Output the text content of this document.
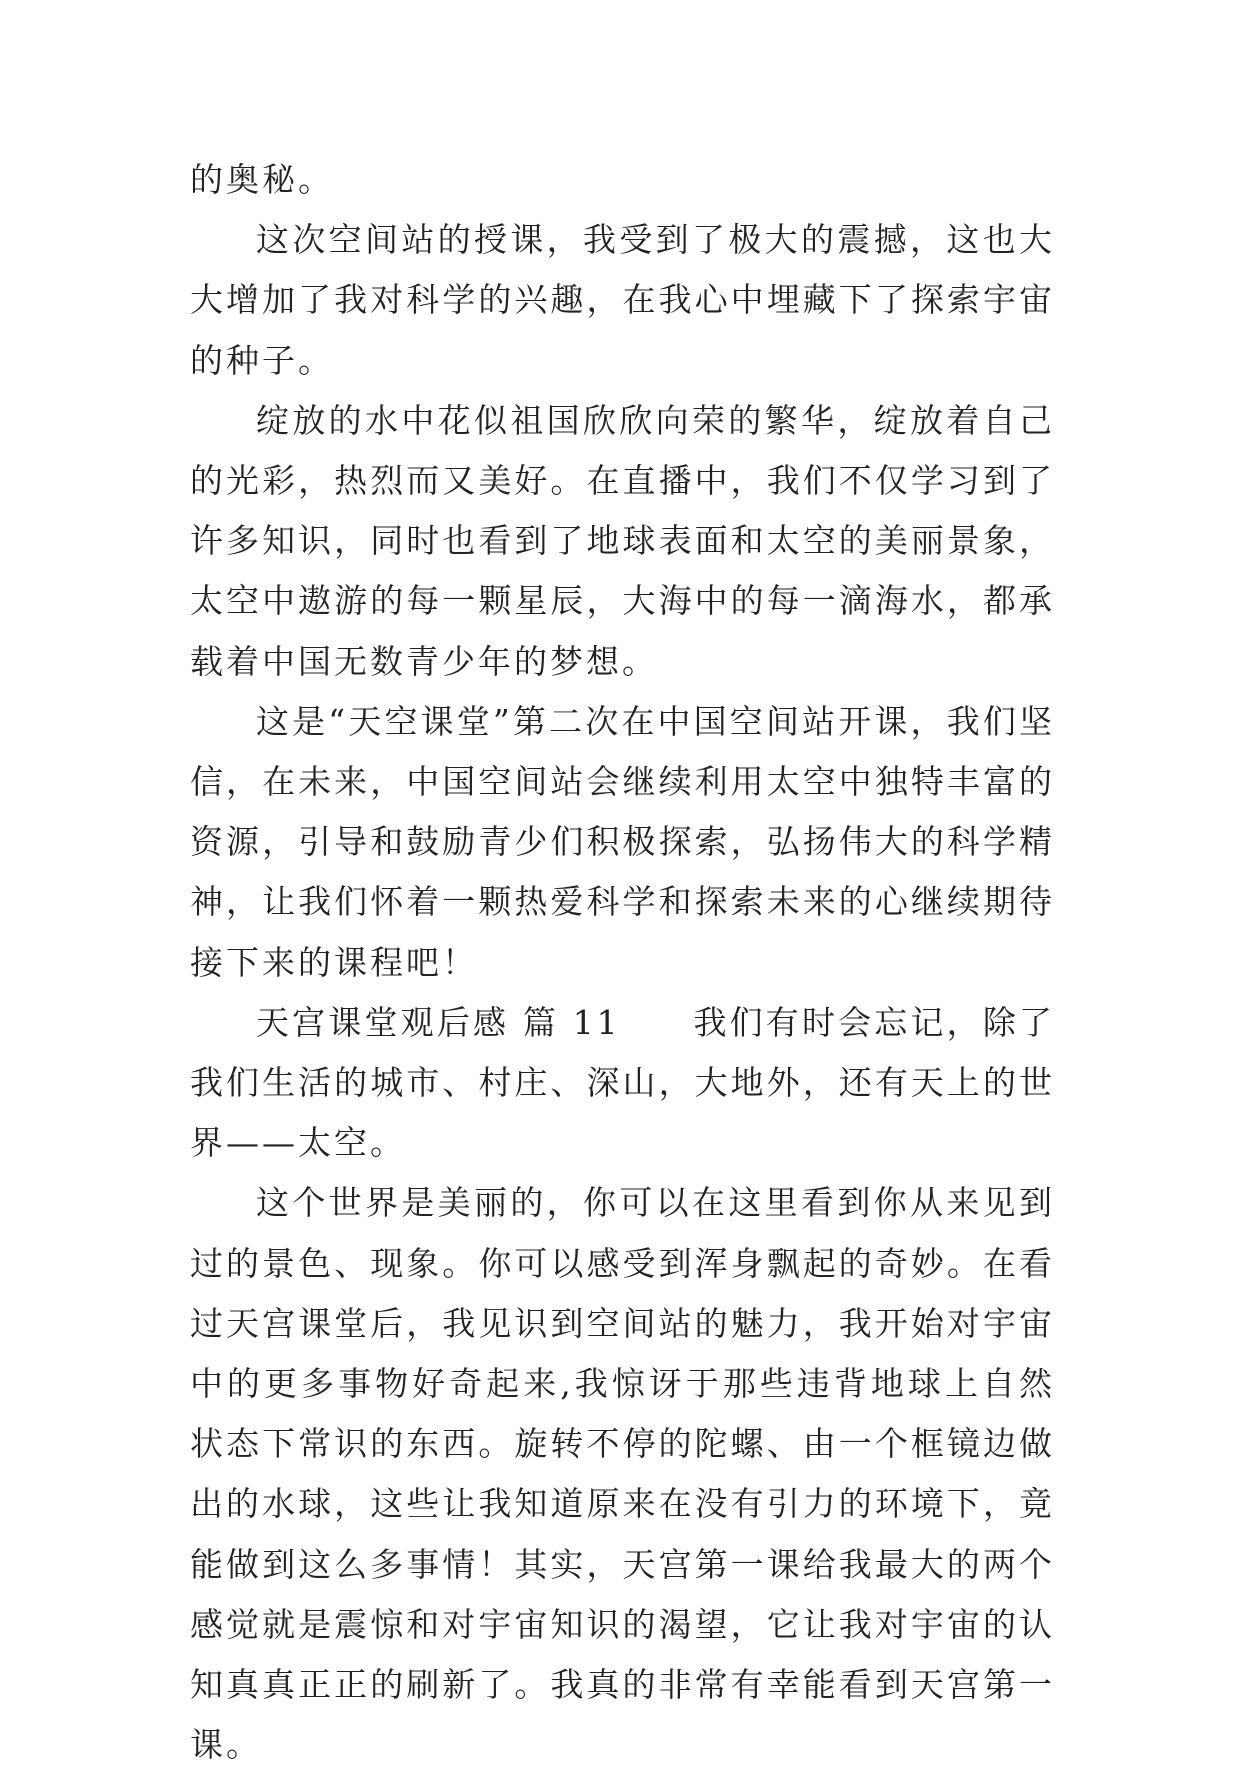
的奥秘。

这次空间站的授课，我受到了极大的震撼，这也大大增加了我对科学的兴趣，在我心中埋藏下了探索宇宙的种子。

绽放的水中花似祖国欣欣向荣的繁华，绽放着自己的光彩，热烈而又美好。在直播中，我们不仅学习到了许多知识，同时也看到了地球表面和太空的美丽景象，太空中遨游的每一颗星辰，大海中的每一滴海水，都承载着中国无数青少年的梦想。

这是“天空课堂”第二次在中国空间站开课，我们坚信，在未来，中国空间站会继续利用太空中独特丰富的资源，引导和鼓励青少们积极探索，弘扬伟大的科学精神，让我们怀着一颗热爱科学和探索未来的心继续期待接下来的课程吧！

天宫课堂观后感 篇 11 我们有时会忘记，除了我们生活的城市、村庄、深山，大地外，还有天上的世界——太空。

这个世界是美丽的，你可以在这里看到你从来见到过的景色、现象。你可以感受到浑身飘起的奇妙。在看过天宫课堂后，我见识到空间站的魅力，我开始对宇宙中的更多事物好奇起来,我惊讶于那些违背地球上自然状态下常识的东西。旋转不停的陀螺、由一个框镜边做出的水球，这些让我知道原来在没有引力的环境下，竟能做到这么多事情！其实，天宫第一课给我最大的两个感觉就是震惊和对宇宙知识的渴望，它让我对宇宙的认知真真正正的刷新了。我真的非常有幸能看到天宫第一课。
